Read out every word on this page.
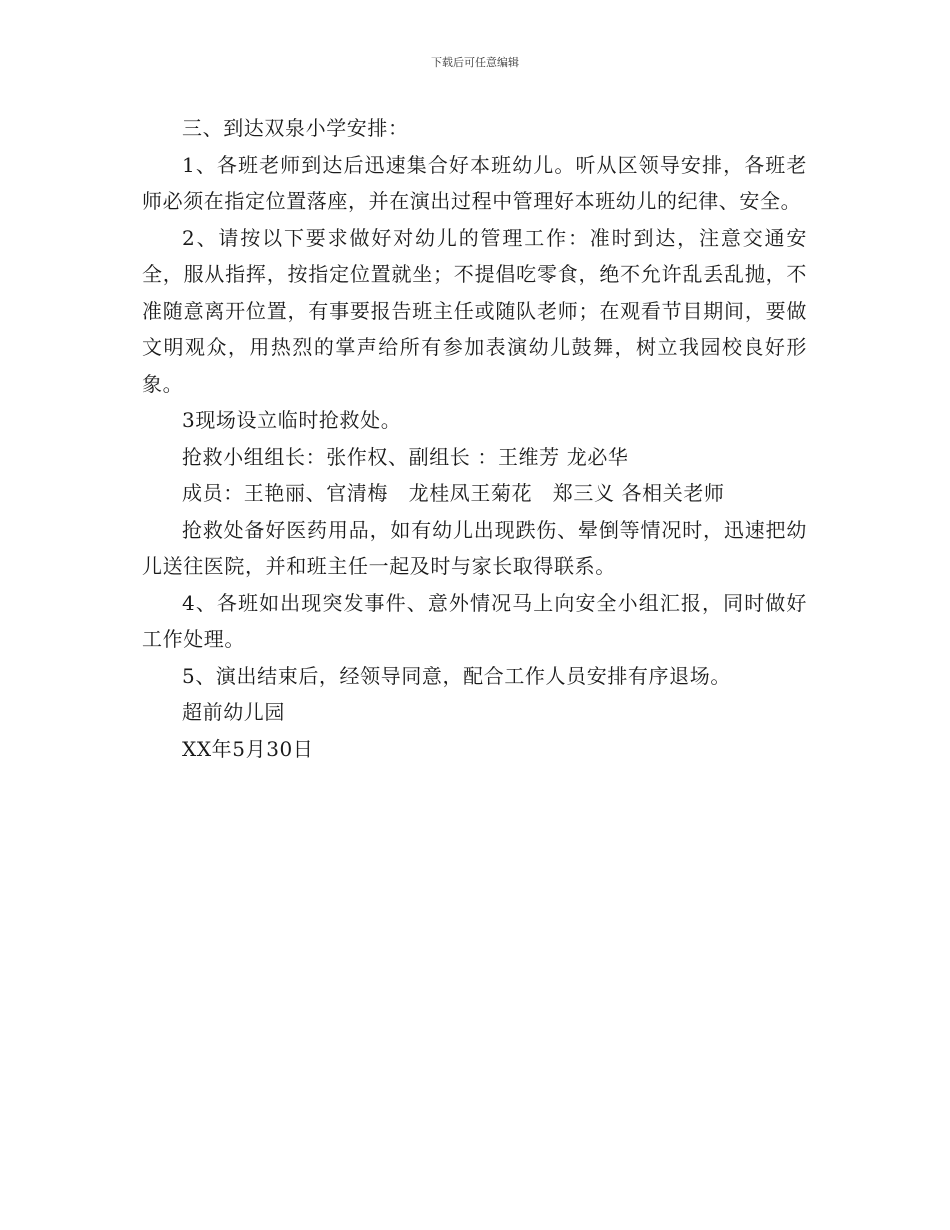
下载后可任意编辑

三、到达双泉小学安排：

1、各班老师到达后迅速集合好本班幼儿。听从区领导安排，各班老师必须在指定位置落座，并在演出过程中管理好本班幼儿的纪律、安全。

2、请按以下要求做好对幼儿的管理工作：准时到达，注意交通安全，服从指挥，按指定位置就坐；不提倡吃零食，绝不允许乱丢乱抛，不准随意离开位置，有事要报告班主任或随队老师；在观看节目期间，要做文明观众，用热烈的掌声给所有参加表演幼儿鼓舞，树立我园校良好形象。

3现场设立临时抢救处。

抢救小组组长：张作权、副组长 ：王维芳 龙必华

成员：王艳丽、官清梅　龙桂凤王菊花　郑三义 各相关老师

抢救处备好医药用品，如有幼儿出现跌伤、晕倒等情况时，迅速把幼儿送往医院，并和班主任一起及时与家长取得联系。

4、各班如出现突发事件、意外情况马上向安全小组汇报，同时做好工作处理。

5、演出结束后，经领导同意，配合工作人员安排有序退场。

超前幼儿园

XX年5月30日
